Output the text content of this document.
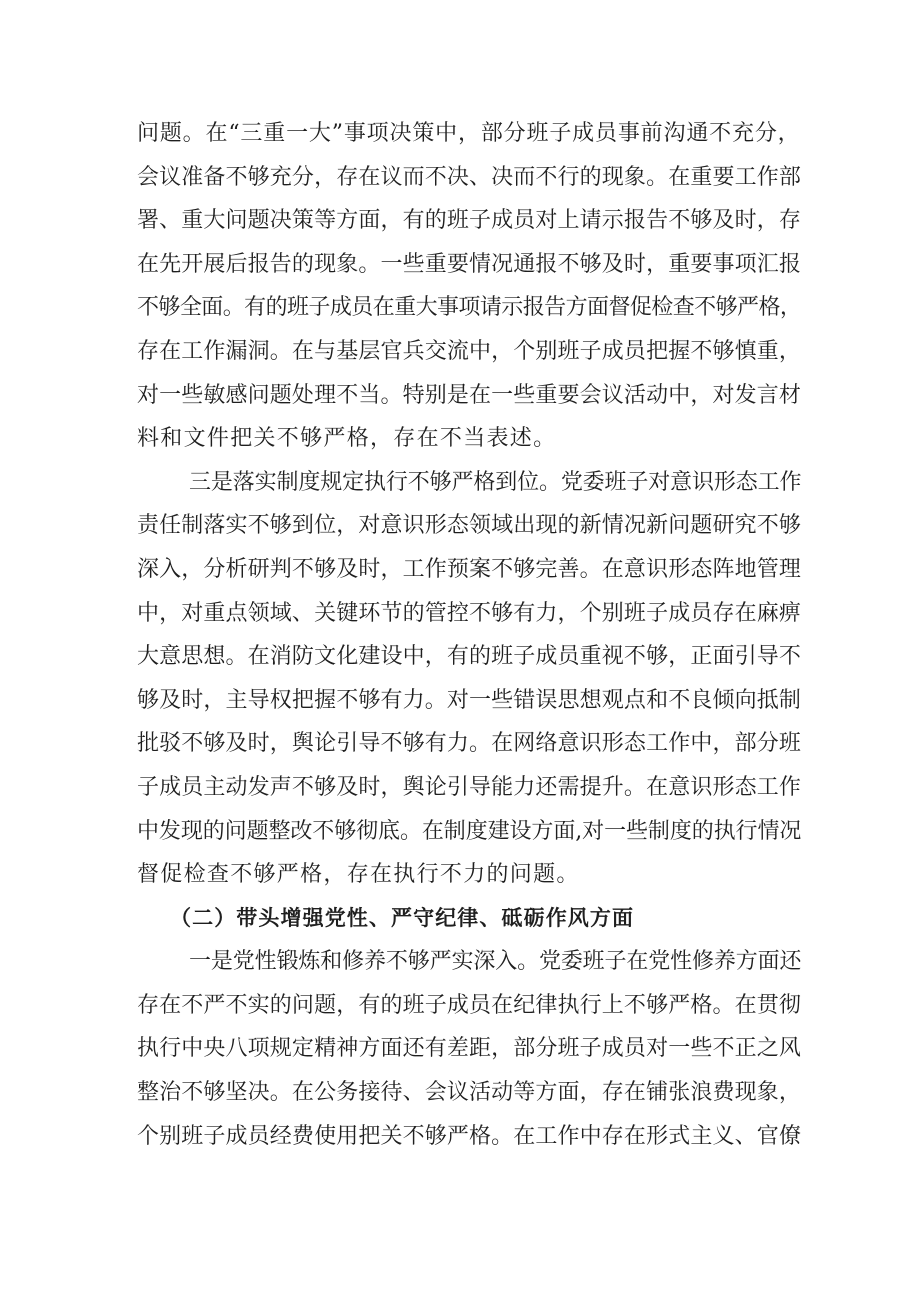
问题。在“三重一大”事项决策中，部分班子成员事前沟通不充分，
会议准备不够充分，存在议而不决、决而不行的现象。在重要工作部
署、重大问题决策等方面，有的班子成员对上请示报告不够及时，存
在先开展后报告的现象。一些重要情况通报不够及时，重要事项汇报
不够全面。有的班子成员在重大事项请示报告方面督促检查不够严格，
存在工作漏洞。在与基层官兵交流中，个别班子成员把握不够慎重，
对一些敏感问题处理不当。特别是在一些重要会议活动中，对发言材
料和文件把关不够严格，存在不当表述。
三是落实制度规定执行不够严格到位。党委班子对意识形态工作
责任制落实不够到位，对意识形态领域出现的新情况新问题研究不够
深入，分析研判不够及时，工作预案不够完善。在意识形态阵地管理
中，对重点领域、关键环节的管控不够有力，个别班子成员存在麻痹
大意思想。在消防文化建设中，有的班子成员重视不够，正面引导不
够及时，主导权把握不够有力。对一些错误思想观点和不良倾向抵制
批驳不够及时，舆论引导不够有力。在网络意识形态工作中，部分班
子成员主动发声不够及时，舆论引导能力还需提升。在意识形态工作
中发现的问题整改不够彻底。在制度建设方面,对一些制度的执行情况
督促检查不够严格，存在执行不力的问题。
（二）带头增强党性、严守纪律、砥砺作风方面
一是党性锻炼和修养不够严实深入。党委班子在党性修养方面还
存在不严不实的问题，有的班子成员在纪律执行上不够严格。在贯彻
执行中央八项规定精神方面还有差距，部分班子成员对一些不正之风
整治不够坚决。在公务接待、会议活动等方面，存在铺张浪费现象，
个别班子成员经费使用把关不够严格。在工作中存在形式主义、官僚
